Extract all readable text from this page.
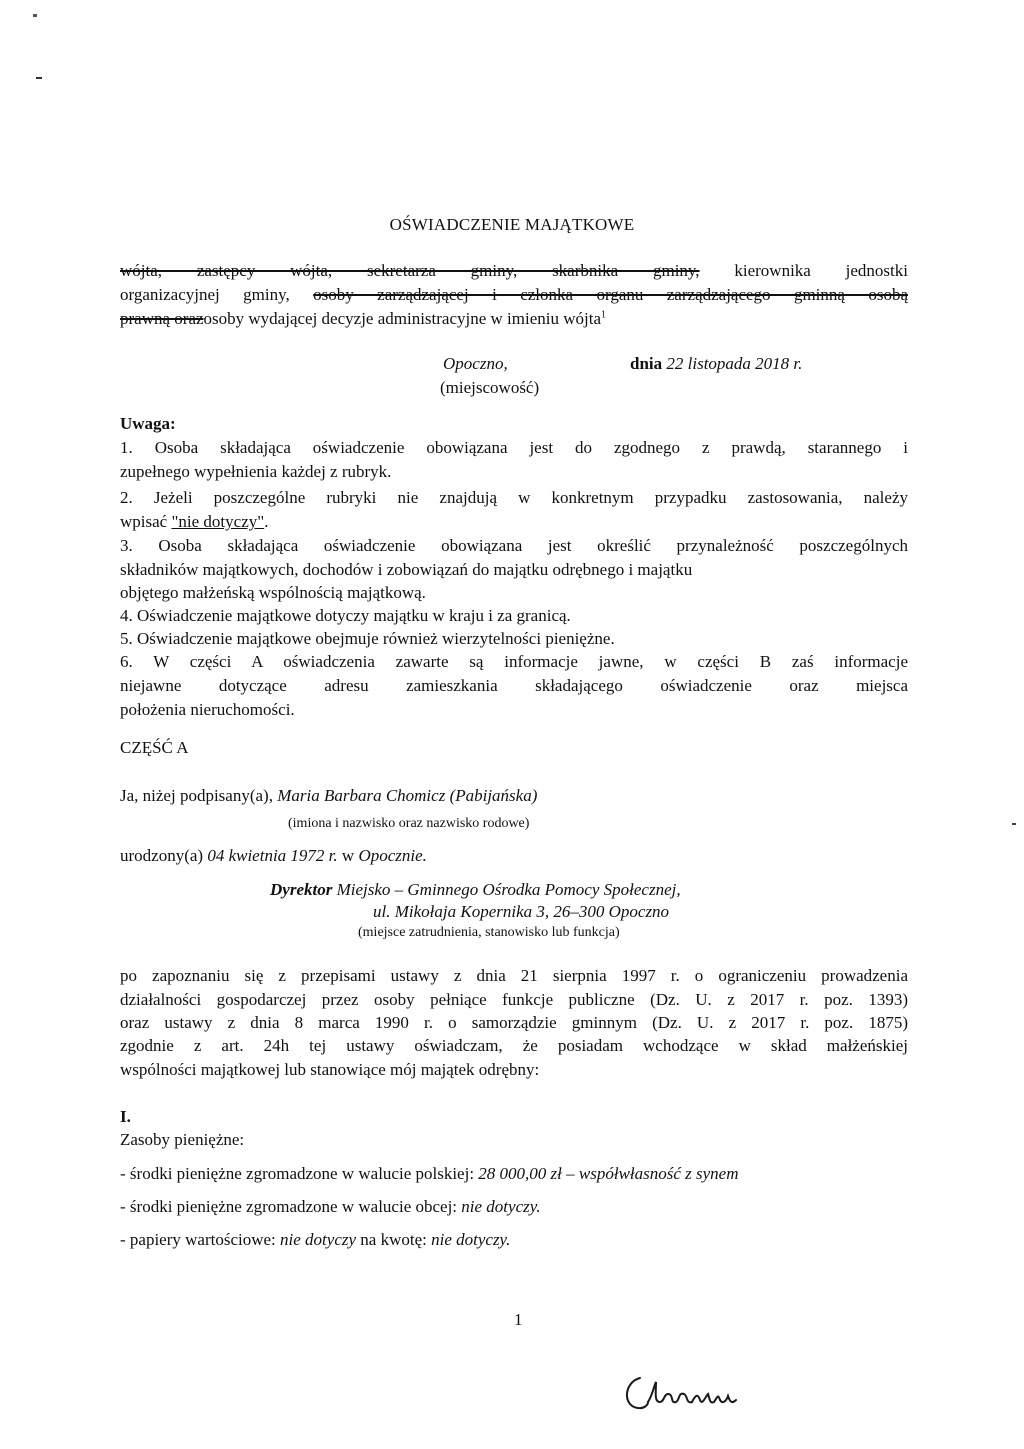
OŚWIADCZENIE MAJĄTKOWE
wójta, zastępcy wójta, sekretarza gminy, skarbnika gminy, kierownika jednostki
organizacyjnej gminy, osoby zarządzającej i członka organu zarządzającego gminną osobą
prawną orazosoby wydającej decyzje administracyjne w imieniu wójta$^1$
Opoczno,	dnia 22 listopada 2018 r.
(miejscowość)
Uwaga:
1. Osoba składająca oświadczenie obowiązana jest do zgodnego z prawdą, starannego i
zupełnego wypełnienia każdej z rubryk.
2. Jeżeli poszczególne rubryki nie znajdują w konkretnym przypadku zastosowania, należy
wpisać "nie dotyczy".
3. Osoba składająca oświadczenie obowiązana jest określić przynależność poszczególnych
składników majątkowych, dochodów i zobowiązań do majątku odrębnego i majątku
objętego małżeńską wspólnością majątkową.
4. Oświadczenie majątkowe dotyczy majątku w kraju i za granicą.
5. Oświadczenie majątkowe obejmuje również wierzytelności pieniężne.
6. W części A oświadczenia zawarte są informacje jawne, w części B zaś informacje
niejawne dotyczące adresu zamieszkania składającego oświadczenie oraz miejsca
położenia nieruchomości.
CZĘŚĆ A
Ja, niżej podpisany(a), Maria Barbara Chomicz (Pabijańska)
(imiona i nazwisko oraz nazwisko rodowe)
urodzony(a) 04 kwietnia 1972 r. w Opocznie.
Dyrektor Miejsko – Gminnego Ośrodka Pomocy Społecznej,
ul. Mikołaja Kopernika 3, 26–300 Opoczno
(miejsce zatrudnienia, stanowisko lub funkcja)
po zapoznaniu się z przepisami ustawy z dnia 21 sierpnia 1997 r. o ograniczeniu prowadzenia
działalności gospodarczej przez osoby pełniące funkcje publiczne (Dz. U. z 2017 r. poz. 1393)
oraz ustawy z dnia 8 marca 1990 r. o samorządzie gminnym (Dz. U. z 2017 r. poz. 1875)
zgodnie z art. 24h tej ustawy oświadczam, że posiadam wchodzące w skład małżeńskiej
wspólności majątkowej lub stanowiące mój majątek odrębny:
I.
Zasoby pieniężne:
- środki pieniężne zgromadzone w walucie polskiej: 28 000,00 zł – współwłasność z synem
- środki pieniężne zgromadzone w walucie obcej: nie dotyczy.
- papiery wartościowe: nie dotyczy na kwotę: nie dotyczy.
1
